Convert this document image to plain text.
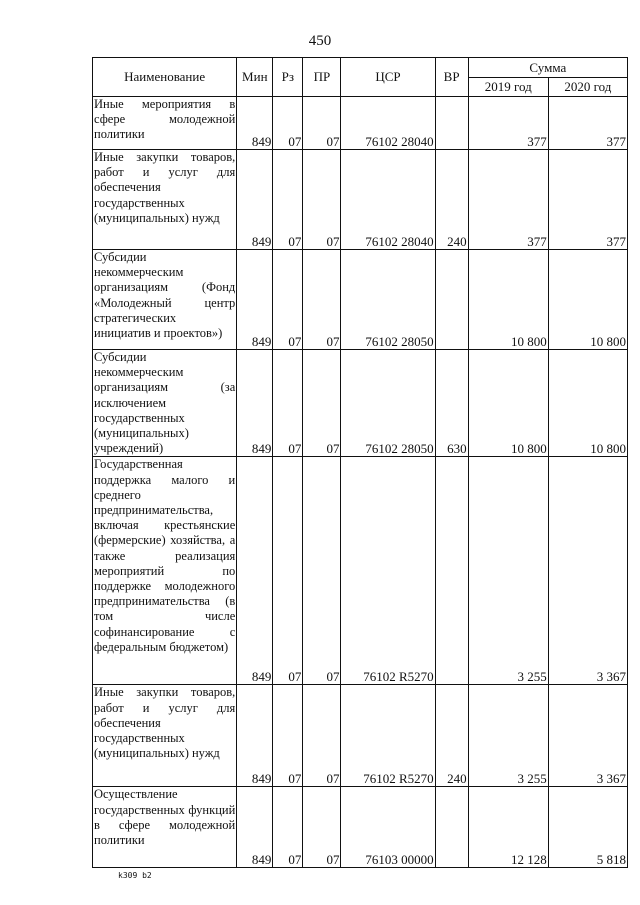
450
Наименование	Мин	Рз	ПР	ЦСР	ВР	Сумма	
						2019 год	2020 год
Иные мероприятия в сфере молодежной политики	849	07	07	76102 28040		377	377
Иные закупки товаров, работ и услуг для обеспечения государственных (муниципальных) нужд	849	07	07	76102 28040	240	377	377
Субсидии некоммерческим организациям (Фонд «Молодежный центр стратегических инициатив и проектов»)	849	07	07	76102 28050		10 800	10 800
Субсидии некоммерческим организациям (за исключением государственных (муниципальных) учреждений)	849	07	07	76102 28050	630	10 800	10 800
Государственная поддержка малого и среднего предпринимательства, включая крестьянские (фермерские) хозяйства, а также реализация мероприятий по поддержке молодежного предпринимательства (в том числе софинансирование с федеральным бюджетом)	849	07	07	76102 R5270		3 255	3 367
Иные закупки товаров, работ и услуг для обеспечения государственных (муниципальных) нужд	849	07	07	76102 R5270	240	3 255	3 367
Осуществление государственных функций в сфере молодежной политики	849	07	07	76103 00000		12 128	5 818
k309 b2
